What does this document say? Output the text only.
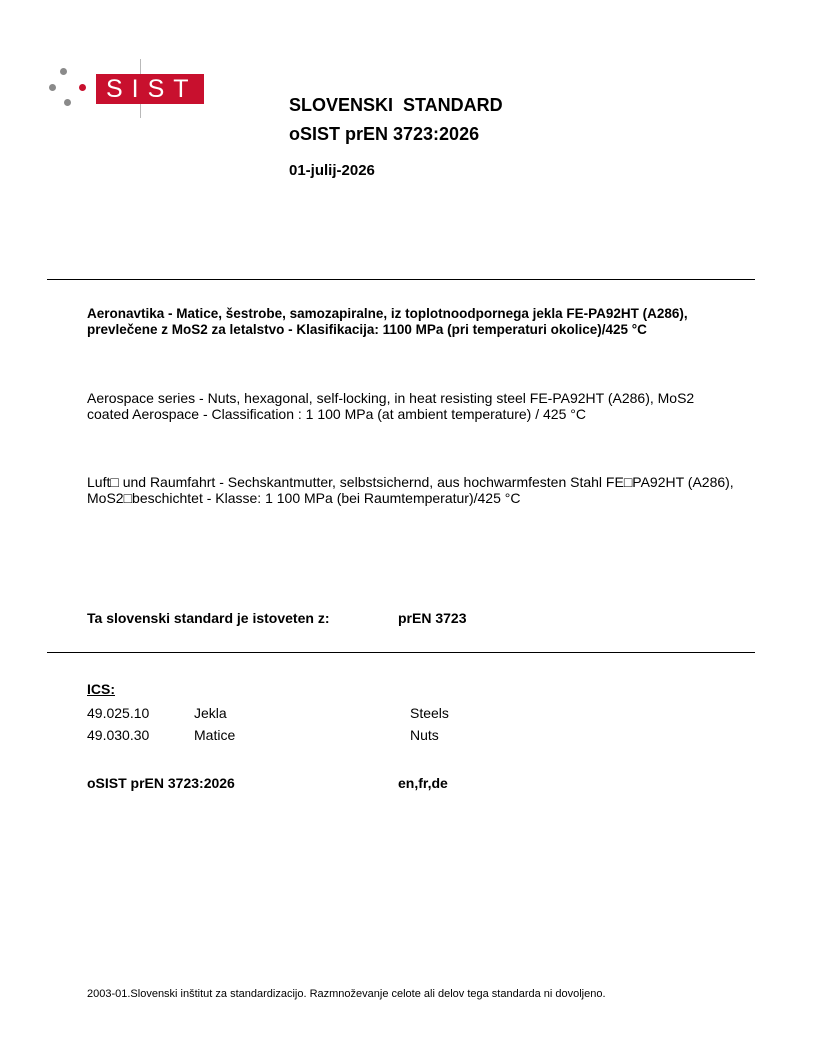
SIST
SLOVENSKI  STANDARD
oSIST prEN 3723:2026
01-julij-2026
Aeronavtika - Matice, šestrobe, samozapiralne, iz toplotnoodpornega jekla FE-PA92HT (A286), prevlečene z MoS2 za letalstvo - Klasifikacija: 1100 MPa (pri temperaturi okolice)/425 °C
Aerospace series - Nuts, hexagonal, self-locking, in heat resisting steel FE-PA92HT (A286), MoS2 coated Aerospace - Classification : 1 100 MPa (at ambient temperature) / 425 °C
Luft□ und Raumfahrt - Sechskantmutter, selbstsichernd, aus hochwarmfesten Stahl FE□PA92HT (A286), MoS2□beschichtet - Klasse: 1 100 MPa (bei Raumtemperatur)/425 °C
Ta slovenski standard je istoveten z:	prEN 3723
ICS:
49.025.10	Jekla	Steels
49.030.30	Matice	Nuts
oSIST prEN 3723:2026	en,fr,de
2003-01.Slovenski inštitut za standardizacijo. Razmnoževanje celote ali delov tega standarda ni dovoljeno.
